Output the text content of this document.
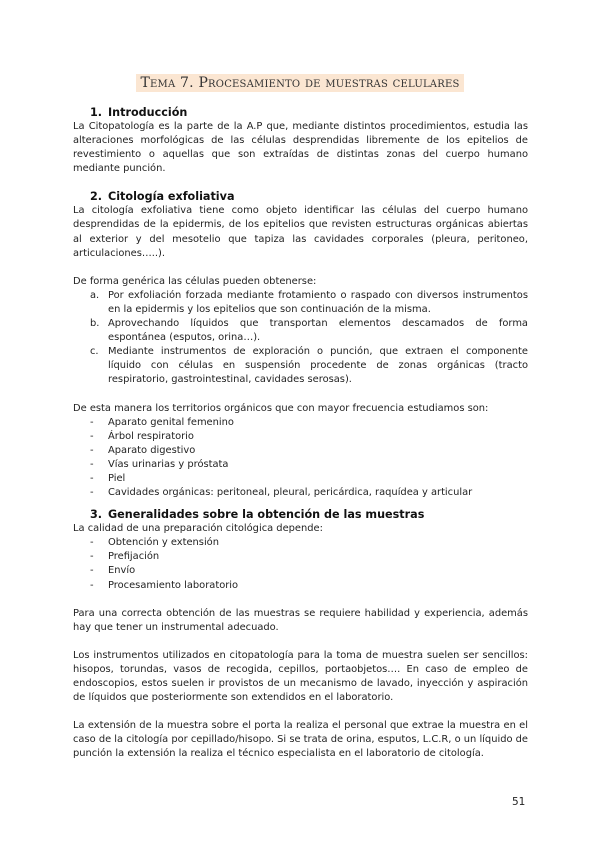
Tema 7. Procesamiento de muestras celulares
1. Introducción

La Citopatología es la parte de la A.P que, mediante distintos procedimientos, estudia las alteraciones morfológicas de las células desprendidas libremente de los epitelios de revestimiento o aquellas que son extraídas de distintas zonas del cuerpo humano mediante punción.

2. Citología exfoliativa

La citología exfoliativa tiene como objeto identificar las células del cuerpo humano desprendidas de la epidermis, de los epitelios que revisten estructuras orgánicas abiertas al exterior y del mesotelio que tapiza las cavidades corporales (pleura, peritoneo, articulaciones…..).

De forma genérica las células pueden obtenerse:

a. Por exfoliación forzada mediante frotamiento o raspado con diversos instrumentos en la epidermis y los epitelios que son continuación de la misma.
b. Aprovechando líquidos que transportan elementos descamados de forma espontánea (esputos, orina…).
c. Mediante instrumentos de exploración o punción, que extraen el componente líquido con células en suspensión procedente de zonas orgánicas (tracto respiratorio, gastrointestinal, cavidades serosas).

De esta manera los territorios orgánicos que con mayor frecuencia estudiamos son:

- Aparato genital femenino
- Árbol respiratorio
- Aparato digestivo
- Vías urinarias y próstata
- Piel
- Cavidades orgánicas: peritoneal, pleural, pericárdica, raquídea y articular
3. Generalidades sobre la obtención de las muestras

La calidad de una preparación citológica depende:

- Obtención y extensión
- Prefijación
- Envío
- Procesamiento laboratorio

Para una correcta obtención de las muestras se requiere habilidad y experiencia, además hay que tener un instrumental adecuado.

Los instrumentos utilizados en citopatología para la toma de muestra suelen ser sencillos: hisopos, torundas, vasos de recogida, cepillos, portaobjetos…. En caso de empleo de endoscopios, estos suelen ir provistos de un mecanismo de lavado, inyección y aspiración de líquidos que posteriormente son extendidos en el laboratorio.

La extensión de la muestra sobre el porta la realiza el personal que extrae la muestra en el caso de la citología por cepillado/hisopo. Si se trata de orina, esputos, L.C.R, o un líquido de punción la extensión la realiza el técnico especialista en el laboratorio de citología.

51
